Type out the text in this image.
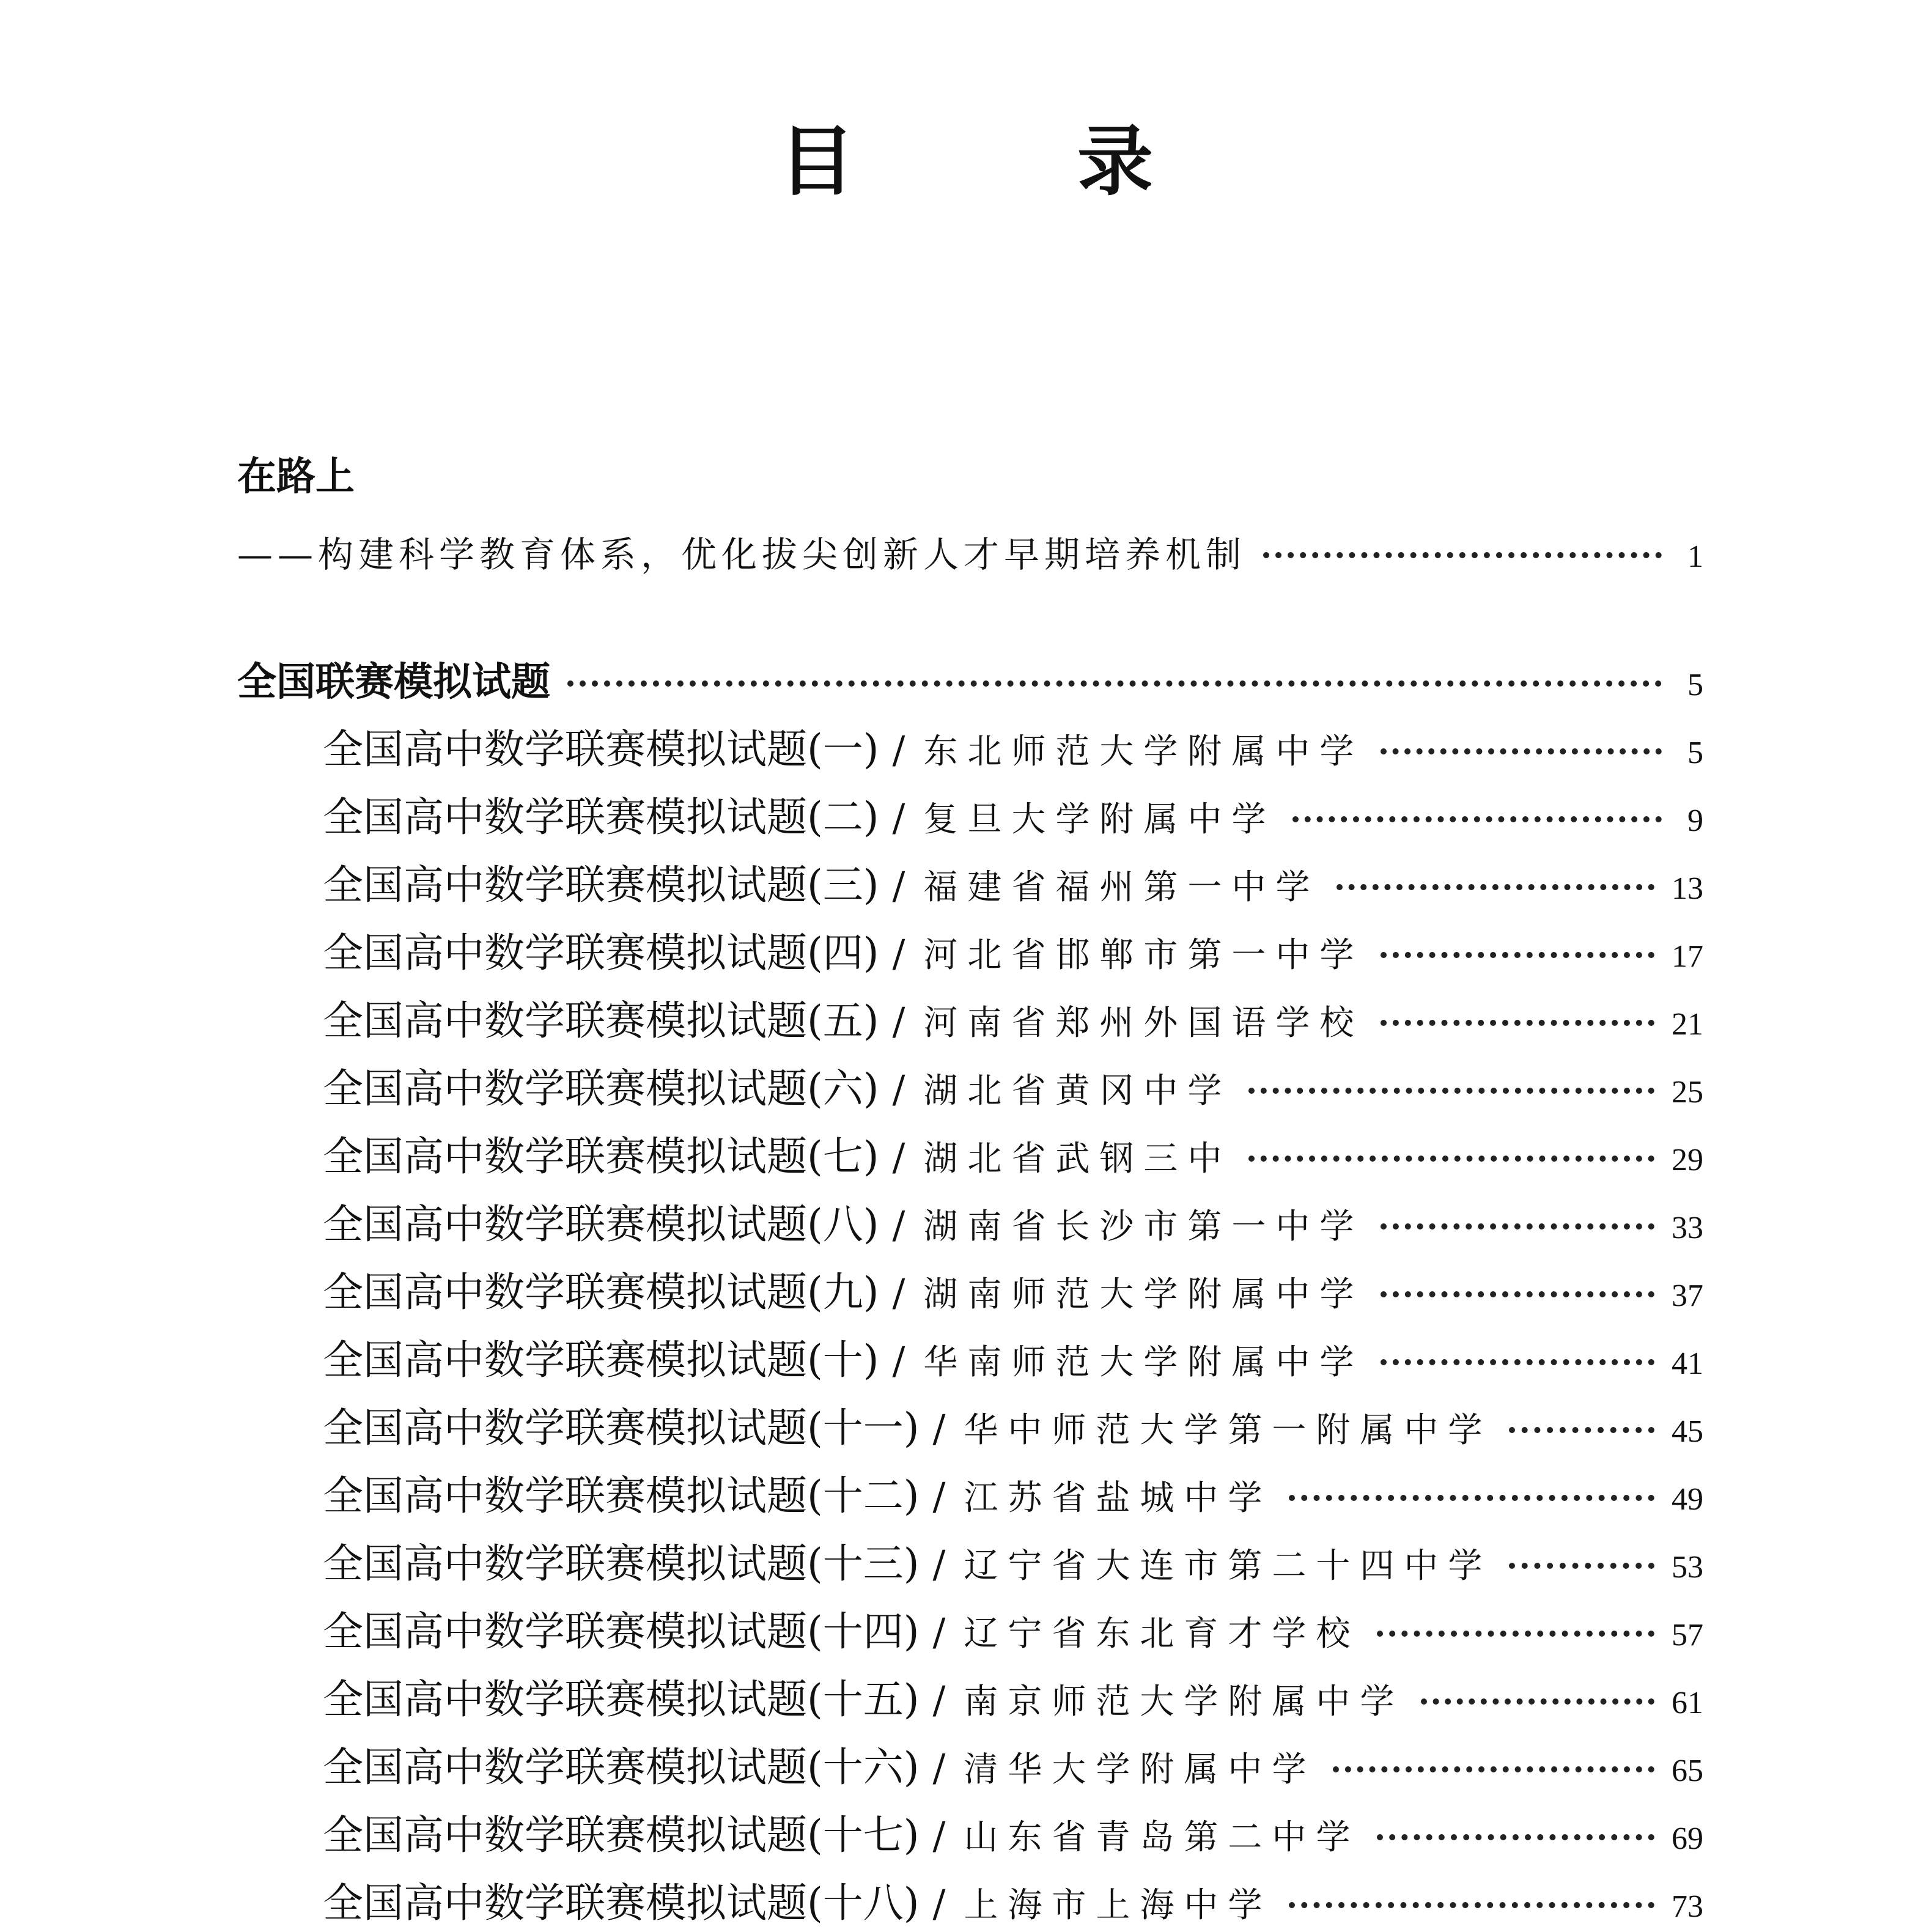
目　录
在路上
——构建科学教育体系，优化拔尖创新人才早期培养机制	1
全国联赛模拟试题	5
全国高中数学联赛模拟试题(一) / 东北师范大学附属中学	5
全国高中数学联赛模拟试题(二) / 复旦大学附属中学	9
全国高中数学联赛模拟试题(三) / 福建省福州第一中学	13
全国高中数学联赛模拟试题(四) / 河北省邯郸市第一中学	17
全国高中数学联赛模拟试题(五) / 河南省郑州外国语学校	21
全国高中数学联赛模拟试题(六) / 湖北省黄冈中学	25
全国高中数学联赛模拟试题(七) / 湖北省武钢三中	29
全国高中数学联赛模拟试题(八) / 湖南省长沙市第一中学	33
全国高中数学联赛模拟试题(九) / 湖南师范大学附属中学	37
全国高中数学联赛模拟试题(十) / 华南师范大学附属中学	41
全国高中数学联赛模拟试题(十一) / 华中师范大学第一附属中学	45
全国高中数学联赛模拟试题(十二) / 江苏省盐城中学	49
全国高中数学联赛模拟试题(十三) / 辽宁省大连市第二十四中学	53
全国高中数学联赛模拟试题(十四) / 辽宁省东北育才学校	57
全国高中数学联赛模拟试题(十五) / 南京师范大学附属中学	61
全国高中数学联赛模拟试题(十六) / 清华大学附属中学	65
全国高中数学联赛模拟试题(十七) / 山东省青岛第二中学	69
全国高中数学联赛模拟试题(十八) / 上海市上海中学	73
